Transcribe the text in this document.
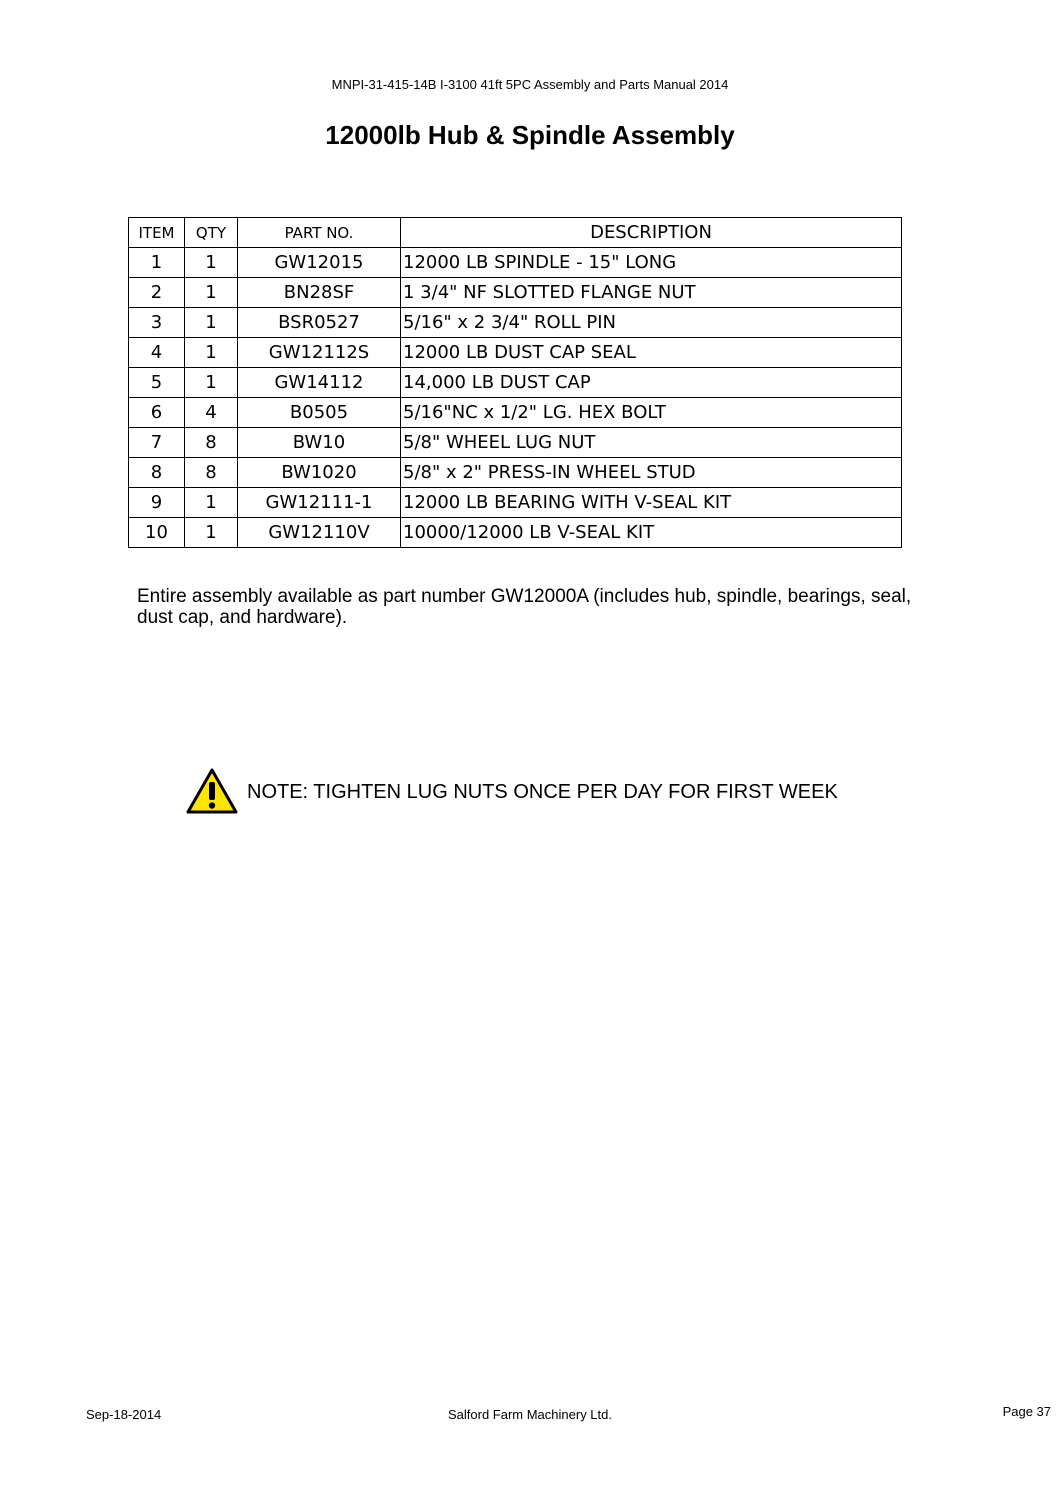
MNPI-31-415-14B I-3100 41ft 5PC Assembly and Parts Manual 2014
12000lb Hub & Spindle Assembly
ITEM	QTY	PART NO.	DESCRIPTION
1	1	GW12015	12000 LB SPINDLE - 15" LONG
2	1	BN28SF	1 3/4" NF SLOTTED FLANGE NUT
3	1	BSR0527	5/16" x 2 3/4" ROLL PIN
4	1	GW12112S	12000 LB DUST CAP SEAL
5	1	GW14112	14,000 LB DUST CAP
6	4	B0505	5/16"NC x 1/2" LG. HEX BOLT
7	8	BW10	5/8" WHEEL LUG NUT
8	8	BW1020	5/8" x 2" PRESS-IN WHEEL STUD
9	1	GW12111-1	12000 LB BEARING WITH V-SEAL KIT
10	1	GW12110V	10000/12000 LB V-SEAL KIT
Entire assembly available as part number GW12000A (includes hub, spindle, bearings, seal, dust cap, and hardware).
NOTE: TIGHTEN LUG NUTS ONCE PER DAY FOR FIRST WEEK
Sep-18-2014	Salford Farm Machinery Ltd.	Page 37
